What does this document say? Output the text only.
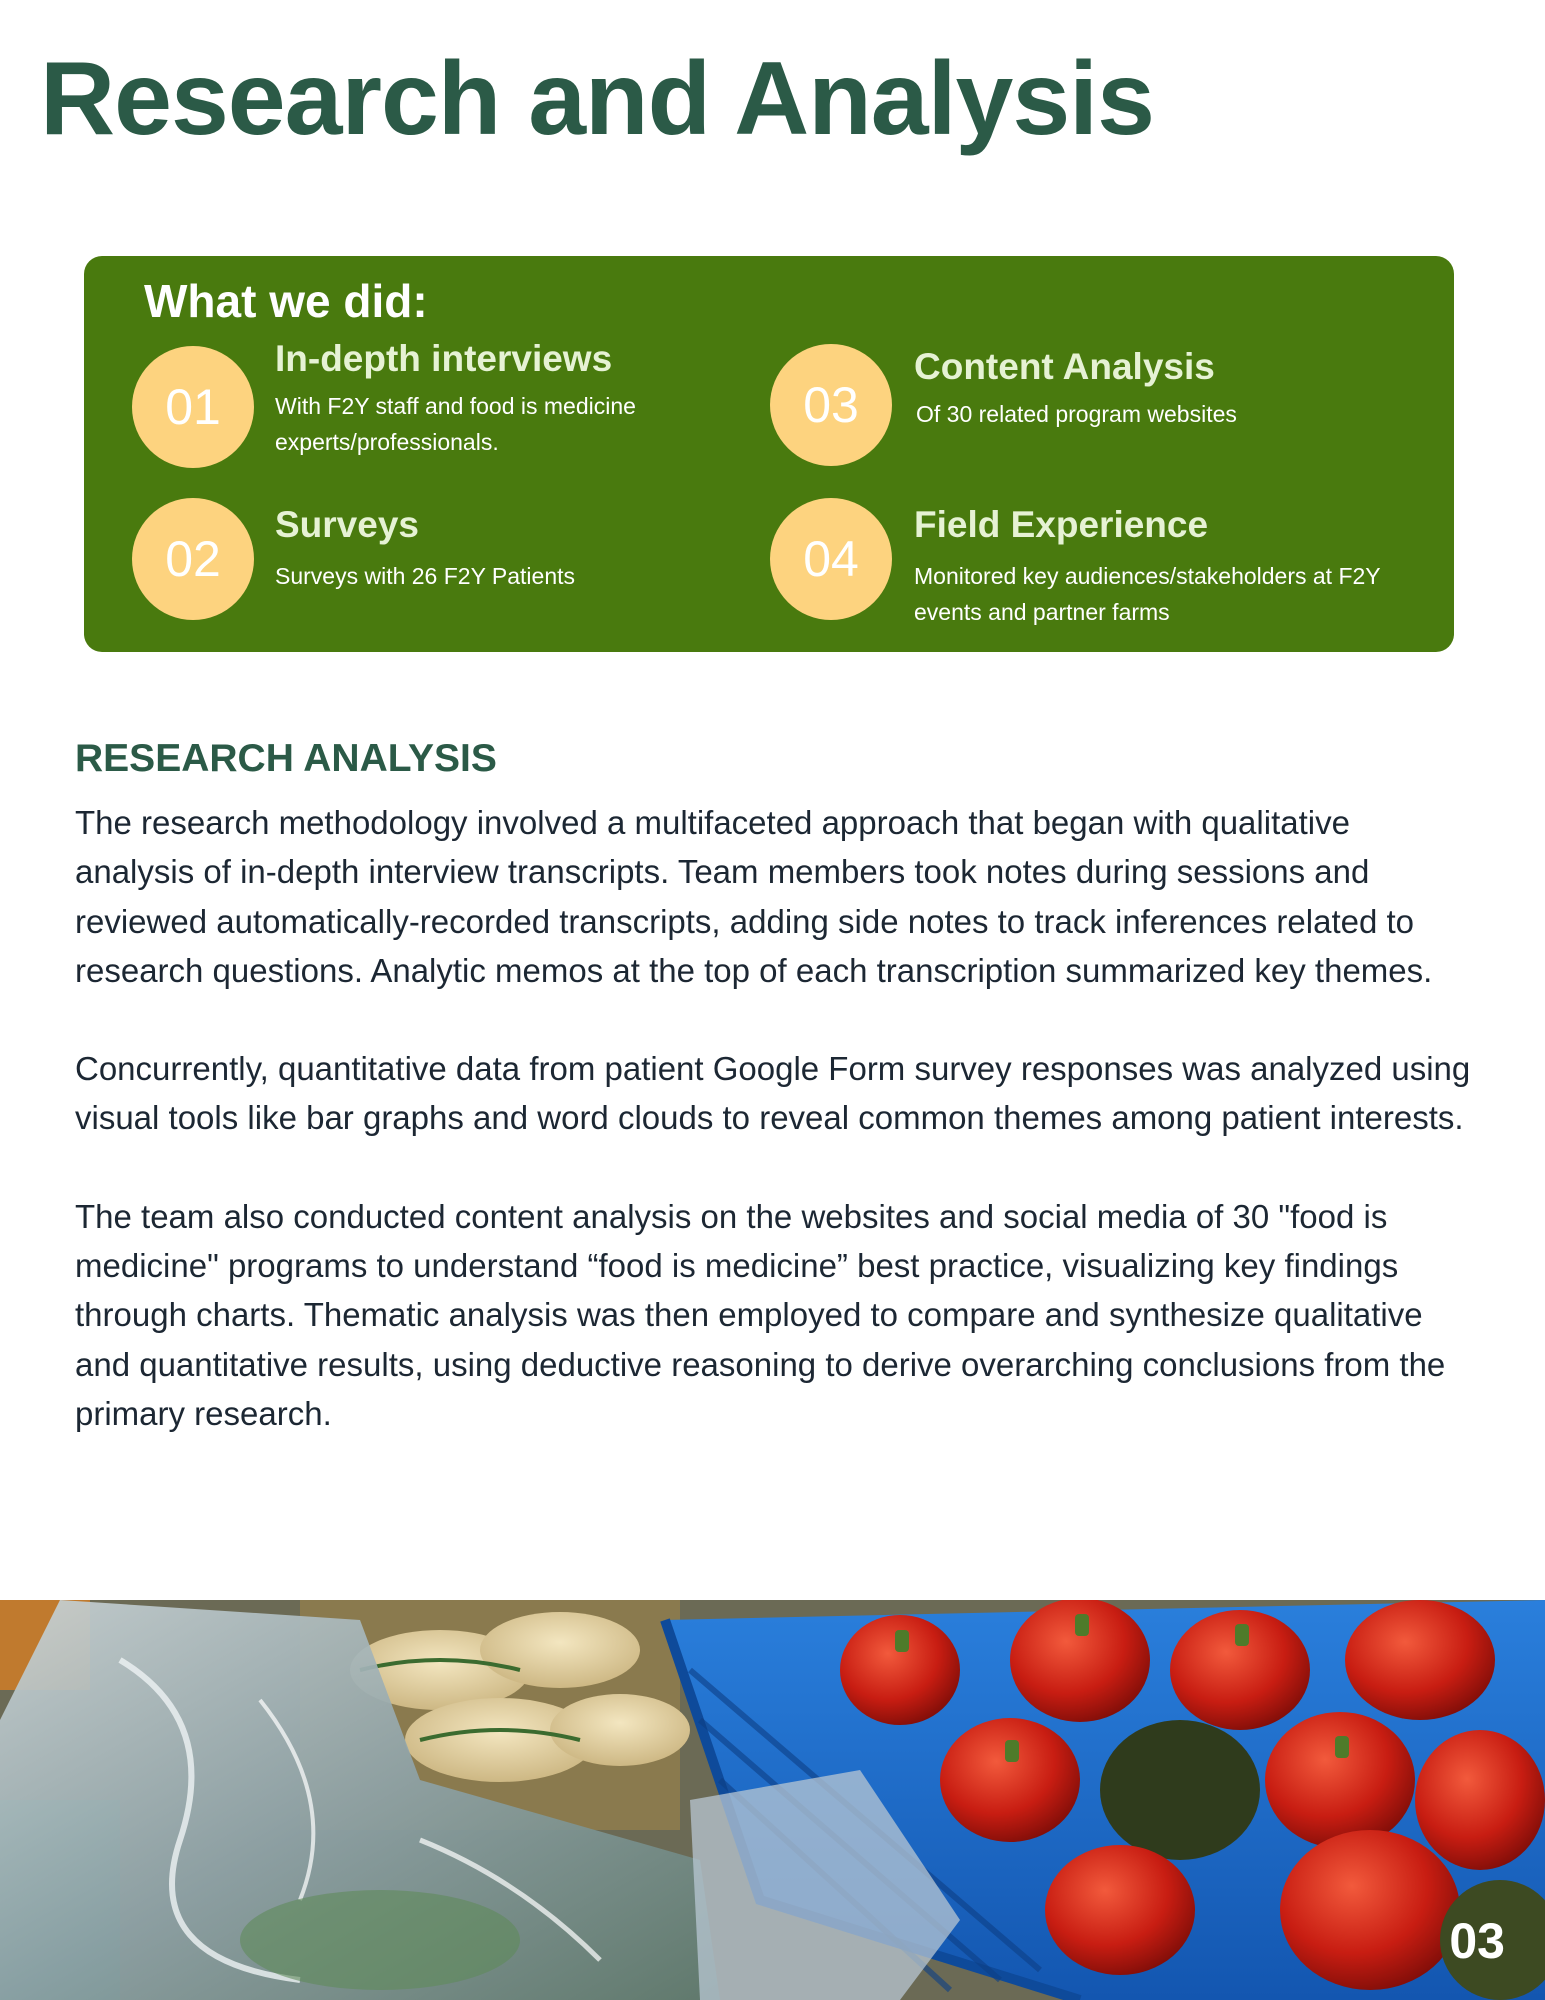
Research and Analysis
What we did:
01
In-depth interviews
With F2Y staff and food is medicine experts/professionals.
02
Surveys
Surveys with 26 F2Y Patients
03
Content Analysis
Of 30 related program websites
04
Field Experience
Monitored key audiences/stakeholders at F2Y events and partner farms
RESEARCH ANALYSIS

The research methodology involved a multifaceted approach that began with qualitative analysis of in-depth interview transcripts. Team members took notes during sessions and reviewed automatically-recorded transcripts, adding side notes to track inferences related to research questions. Analytic memos at the top of each transcription summarized key themes.

Concurrently, quantitative data from patient Google Form survey responses was analyzed using visual tools like bar graphs and word clouds to reveal common themes among patient interests.

The team also conducted content analysis on the websites and social media of 30 "food is medicine" programs to understand “food is medicine” best practice, visualizing key findings through charts. Thematic analysis was then employed to compare and synthesize qualitative and quantitative results, using deductive reasoning to derive overarching conclusions from the primary research.

03
